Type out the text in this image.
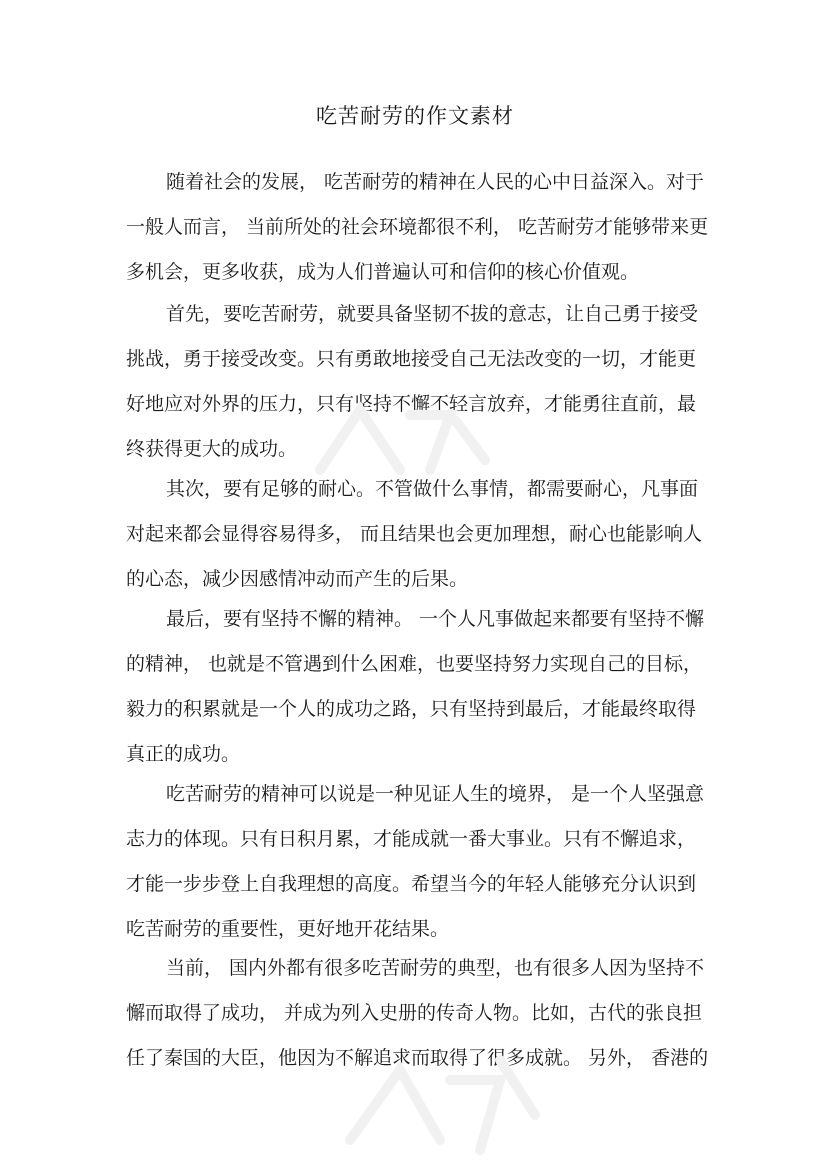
吃苦耐劳的作文素材
随着社会的发展， 吃苦耐劳的精神在人民的心中日益深入。对于
一般人而言， 当前所处的社会环境都很不利， 吃苦耐劳才能够带来更
多机会，更多收获，成为人们普遍认可和信仰的核心价值观。
首先，要吃苦耐劳，就要具备坚韧不拔的意志，让自己勇于接受
挑战，勇于接受改变。只有勇敢地接受自己无法改变的一切，才能更
好地应对外界的压力，只有坚持不懈不轻言放弃，才能勇往直前，最
终获得更大的成功。
其次，要有足够的耐心。不管做什么事情，都需要耐心，凡事面
对起来都会显得容易得多， 而且结果也会更加理想，耐心也能影响人
的心态，减少因感情冲动而产生的后果。
最后，要有坚持不懈的精神。 一个人凡事做起来都要有坚持不懈
的精神， 也就是不管遇到什么困难，也要坚持努力实现自己的目标，
毅力的积累就是一个人的成功之路，只有坚持到最后，才能最终取得
真正的成功。
吃苦耐劳的精神可以说是一种见证人生的境界， 是一个人坚强意
志力的体现。只有日积月累，才能成就一番大事业。只有不懈追求，
才能一步步登上自我理想的高度。希望当今的年轻人能够充分认识到
吃苦耐劳的重要性，更好地开花结果。
当前， 国内外都有很多吃苦耐劳的典型，也有很多人因为坚持不
懈而取得了成功， 并成为列入史册的传奇人物。比如，古代的张良担
任了秦国的大臣，他因为不解追求而取得了很多成就。 另外， 香港的
